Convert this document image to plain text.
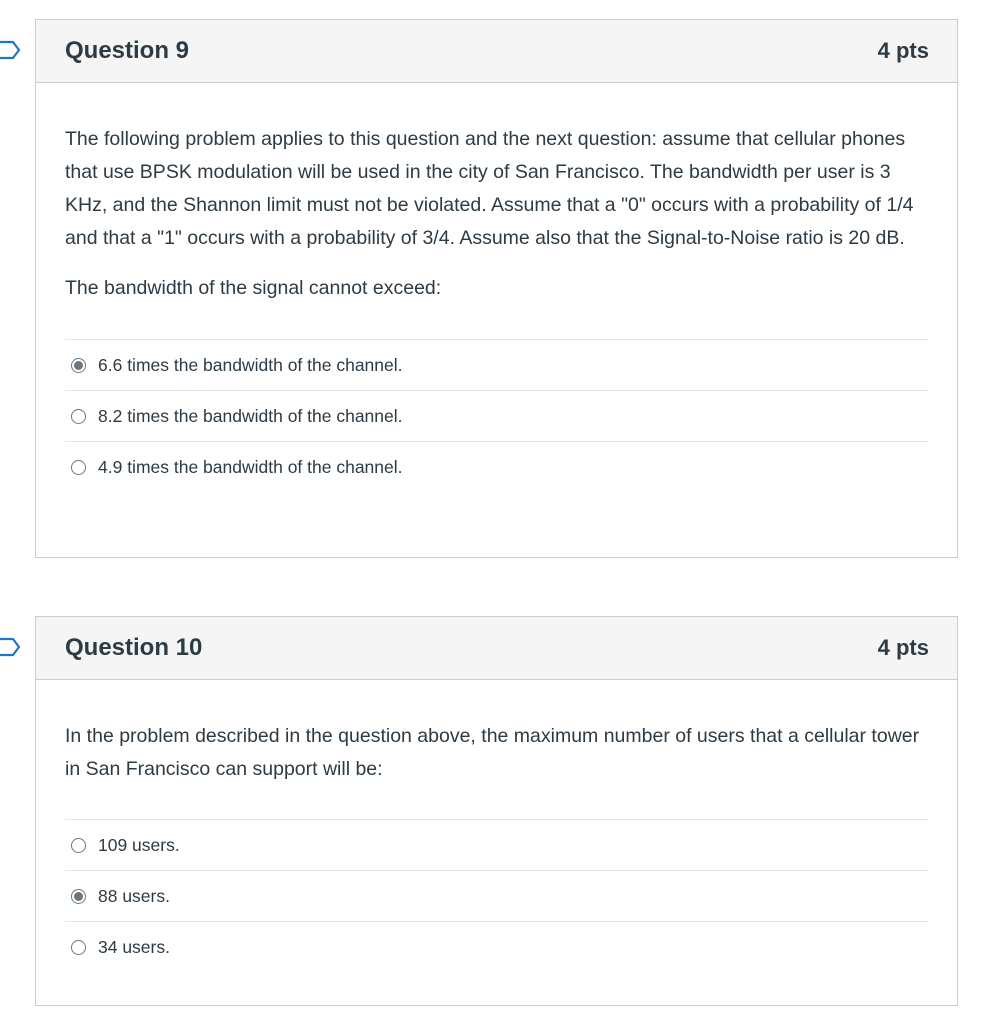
Question 9	4 pts

The following problem applies to this question and the next question: assume that cellular phones that use BPSK modulation will be used in the city of San Francisco. The bandwidth per user is 3 KHz, and the Shannon limit must not be violated. Assume that a "0" occurs with a probability of 1/4 and that a "1" occurs with a probability of 3/4. Assume also that the Signal-to-Noise ratio is 20 dB.

The bandwidth of the signal cannot exceed:

6.6 times the bandwidth of the channel.
8.2 times the bandwidth of the channel.
4.9 times the bandwidth of the channel.
Question 10	4 pts

In the problem described in the question above, the maximum number of users that a cellular tower in San Francisco can support will be:

109 users.
88 users.
34 users.
